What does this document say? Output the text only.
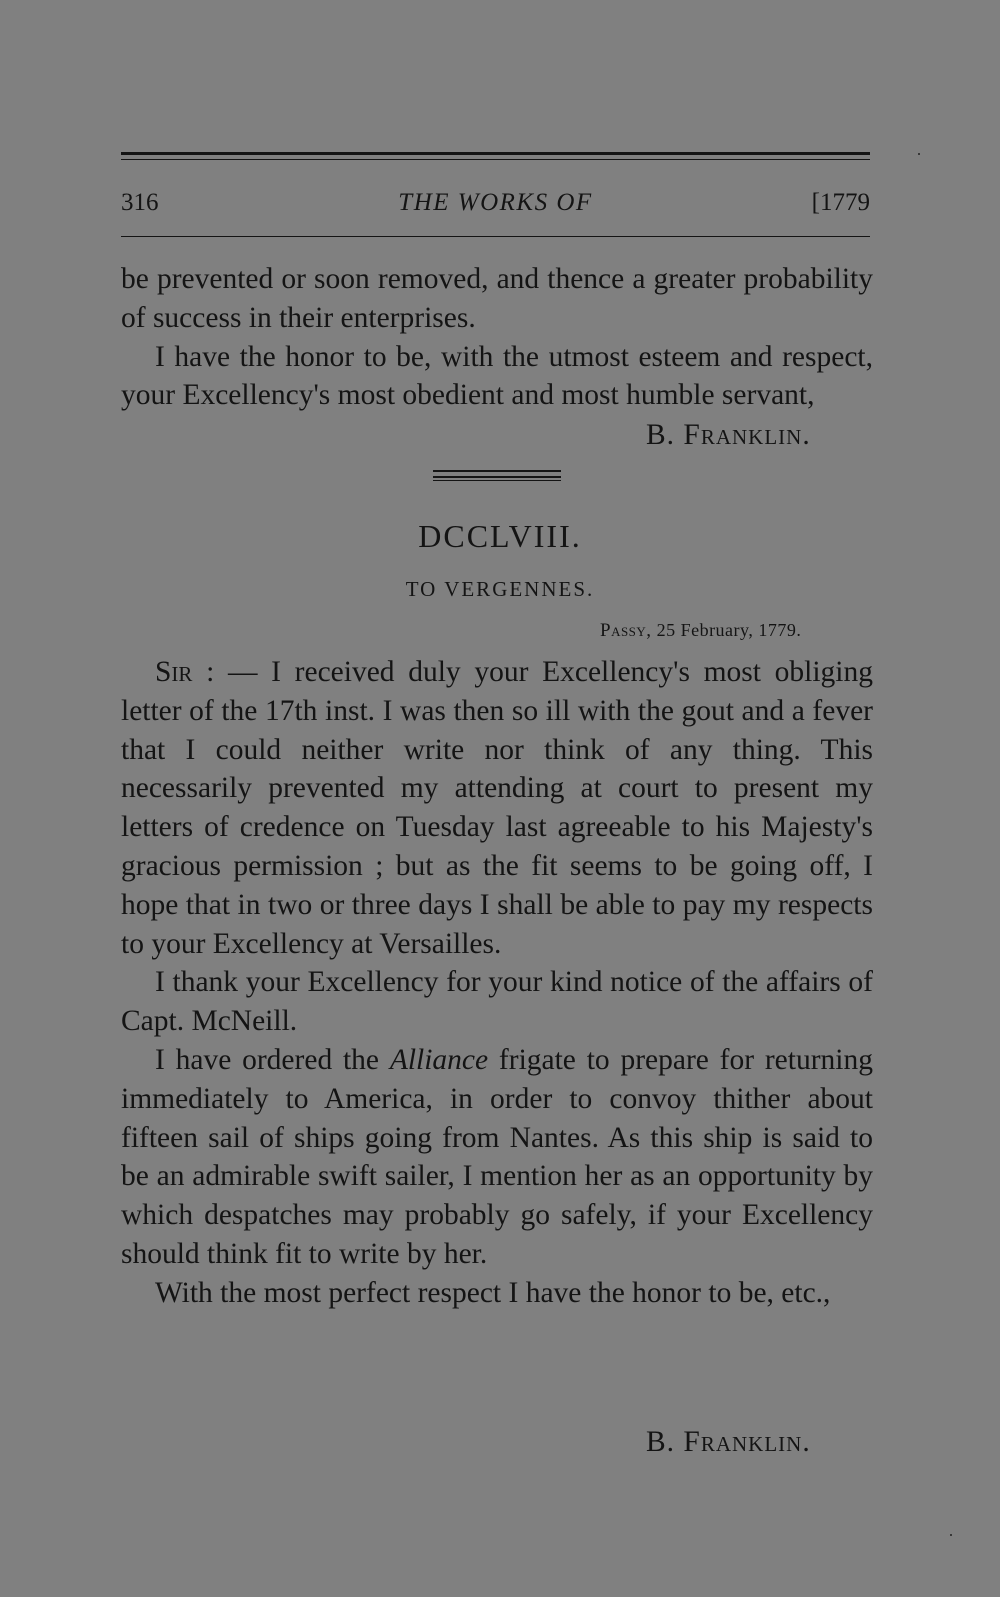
316	THE WORKS OF	[1779

be prevented or soon removed, and thence a greater probability of success in their enterprises.

I have the honor to be, with the utmost esteem and respect, your Excellency's most obedient and most humble servant,

B. Franklin.
DCCLVIII.
TO VERGENNES.
Passy, 25 February, 1779.

Sir : — I received duly your Excellency's most obliging letter of the 17th inst. I was then so ill with the gout and a fever that I could neither write nor think of any thing. This necessarily prevented my attending at court to present my letters of credence on Tuesday last agreeable to his Majesty's gracious permission ; but as the fit seems to be going off, I hope that in two or three days I shall be able to pay my respects to your Excellency at Versailles.

I thank your Excellency for your kind notice of the affairs of Capt. McNeill.

I have ordered the Alliance frigate to prepare for returning immediately to America, in order to convoy thither about fifteen sail of ships going from Nantes. As this ship is said to be an admirable swift sailer, I mention her as an opportunity by which despatches may probably go safely, if your Excellency should think fit to write by her.

With the most perfect respect I have the honor to be, etc.,

B. Franklin.
